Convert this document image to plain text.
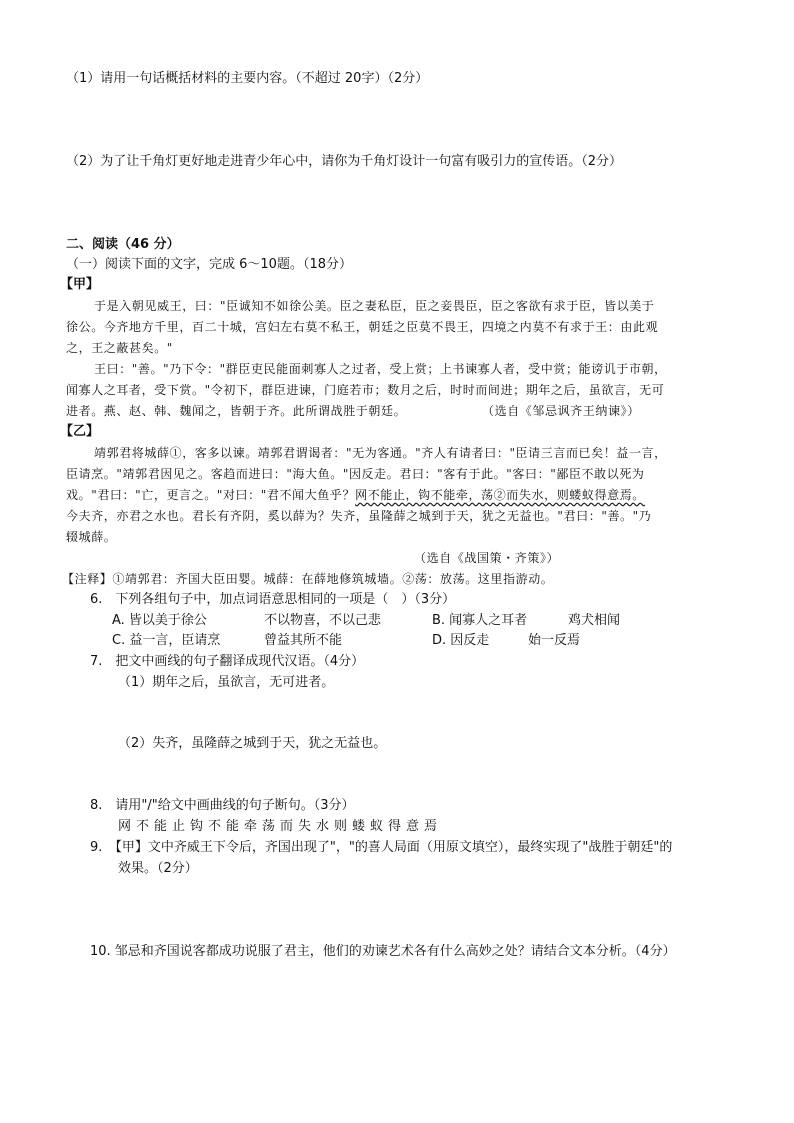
（1）请用一句话概括材料的主要内容。（不超过 20字）（2分）
（2）为了让千角灯更好地走进青少年心中，请你为千角灯设计一句富有吸引力的宣传语。（2分）
二、阅读（46 分）
（一）阅读下面的文字，完成 6～10题。（18分）
【甲】
于是入朝见威王，曰："臣诚知不如徐公美。臣之妻私臣，臣之妾畏臣，臣之客欲有求于臣，皆以美于
徐公。今齐地方千里，百二十城，宫妇左右莫不私王，朝廷之臣莫不畏王，四境之内莫不有求于王：由此观
之，王之蔽甚矣。"
王曰："善。"乃下令："群臣吏民能面刺寡人之过者，受上赏；上书谏寡人者，受中赏；能谤讥于市朝，
闻寡人之耳者，受下赏。"令初下，群臣进谏，门庭若市；数月之后，时时而间进；期年之后，虽欲言，无可
进者。燕、赵、韩、魏闻之，皆朝于齐。此所谓战胜于朝廷。	（选自《邹忌讽齐王纳谏》）
【乙】
靖郭君将城薛①，客多以谏。靖郭君谓谒者："无为客通。"齐人有请者曰："臣请三言而已矣！益一言，
臣请烹。"靖郭君因见之。客趋而进曰："海大鱼。"因反走。君曰："客有于此。"客曰："鄙臣不敢以死为
戏。"君曰："亡，更言之。"对曰："君不闻大鱼乎？网不能止，钩不能牵，荡②而失水，则蝼蚁得意焉。
今夫齐，亦君之水也。君长有齐阴，奚以薛为？失齐，虽隆薛之城到于天，犹之无益也。"君曰："善。"乃
辍城薛。
（选自《战国策・齐策》）
【注释】①靖郭君：齐国大臣田婴。城薛：在薛地修筑城墙。②荡：放荡。这里指游动。
6.　下列各组句子中，加点词语意思相同的一项是（　）（3分）
A. 皆以美于徐公	不以物喜，不以己悲	B. 闻寡人之耳者	鸡犬相闻
C. 益一言，臣请烹	曾益其所不能	D. 因反走	始一反焉
7.　把文中画线的句子翻译成现代汉语。（4分）
（1）期年之后，虽欲言，无可进者。
（2）失齐，虽隆薛之城到于天，犹之无益也。
8.　请用"/"给文中画曲线的句子断句。（3分）
网不能止钩不能牵荡而失水则蝼蚁得意焉
9.　【甲】文中齐威王下令后，齐国出现了"，"的喜人局面（用原文填空），最终实现了"战胜于朝廷"的
效果。（2分）
10. 邹忌和齐国说客都成功说服了君主，他们的劝谏艺术各有什么高妙之处？请结合文本分析。（4分）
